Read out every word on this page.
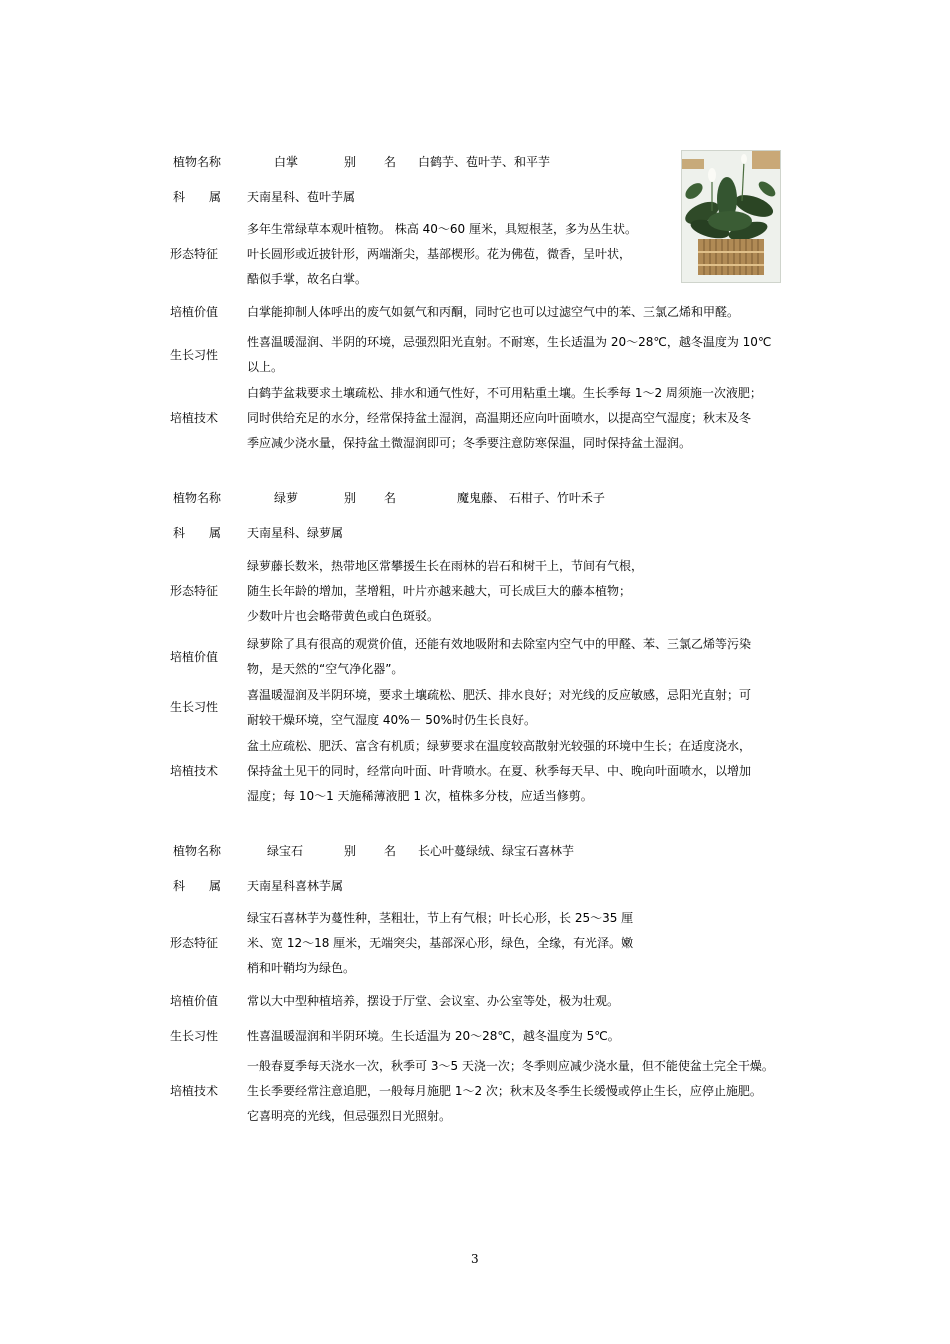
植物名称	白掌	别 名 白鹤芋、苞叶芋、和平芋
科 属 天南星科、苞叶芋属
形态特征
多年生常绿草本观叶植物。 株高 40～60 厘米，具短根茎，多为丛生状。
叶长圆形或近披针形，两端渐尖，基部楔形。花为佛苞，微香，呈叶状，
酷似手掌，故名白掌。
培植价值 白掌能抑制人体呼出的废气如氨气和丙酮，同时它也可以过滤空气中的苯、三氯乙烯和甲醛。
生长习性
性喜温暖湿润、半阴的环境，忌强烈阳光直射。不耐寒，生长适温为 20～28℃，越冬温度为 10℃
以上。
培植技术
白鹤芋盆栽要求土壤疏松、排水和通气性好，不可用粘重土壤。生长季每 1～2 周须施一次液肥；
同时供给充足的水分，经常保持盆土湿润，高温期还应向叶面喷水，以提高空气湿度；秋末及冬
季应减少浇水量，保持盆土微湿润即可；冬季要注意防寒保温，同时保持盆土湿润。
植物名称	绿萝	别 名	魔鬼藤、 石柑子、竹叶禾子
科 属 天南星科、绿萝属
形态特征
绿萝藤长数米，热带地区常攀援生长在雨林的岩石和树干上，节间有气根，
随生长年龄的增加，茎增粗，叶片亦越来越大，可长成巨大的藤本植物；
少数叶片也会略带黄色或白色斑驳。
培植价值
绿萝除了具有很高的观赏价值，还能有效地吸附和去除室内空气中的甲醛、苯、三氯乙烯等污染
物，是天然的“空气净化器”。
生长习性
喜温暖湿润及半阴环境，要求土壤疏松、肥沃、排水良好；对光线的反应敏感，忌阳光直射；可
耐较干燥环境，空气湿度 40%－ 50%时仍生长良好。
培植技术
盆土应疏松、肥沃、富含有机质；绿萝要求在温度较高散射光较强的环境中生长；在适度浇水，
保持盆土见干的同时，经常向叶面、叶背喷水。在夏、秋季每天早、中、晚向叶面喷水，以增加
湿度；每 10～1 天施稀薄液肥 1 次，植株多分枝，应适当修剪。
植物名称	绿宝石	别 名 长心叶蔓绿绒、绿宝石喜林芋
科 属 天南星科喜林芋属
形态特征
绿宝石喜林芋为蔓性种，茎粗壮，节上有气根；叶长心形，长 25～35 厘
米、宽 12～18 厘米，无端突尖，基部深心形，绿色，全缘，有光泽。嫩
梢和叶鞘均为绿色。
培植价值 常以大中型种植培养，摆设于厅堂、会议室、办公室等处，极为壮观。
生长习性 性喜温暖湿润和半阴环境。生长适温为 20～28℃，越冬温度为 5℃。
培植技术
一般春夏季每天浇水一次，秋季可 3～5 天浇一次；冬季则应减少浇水量，但不能使盆土完全干燥。
生长季要经常注意追肥，一般每月施肥 1～2 次；秋末及冬季生长缓慢或停止生长，应停止施肥。
它喜明亮的光线，但忌强烈日光照射。
3
